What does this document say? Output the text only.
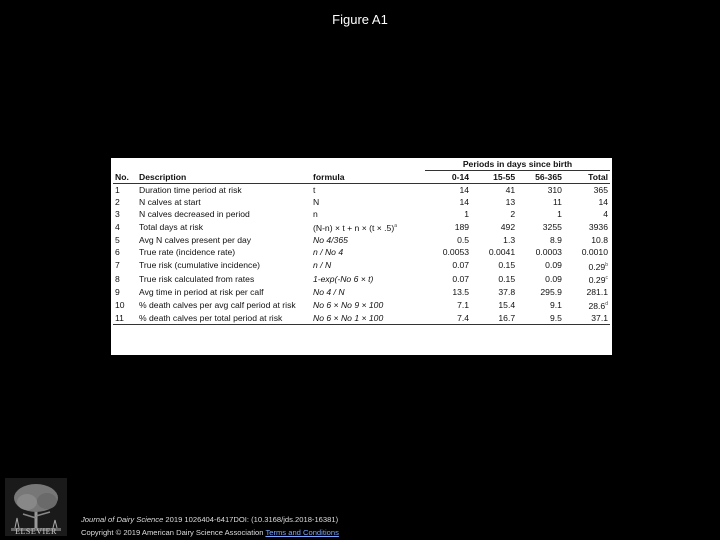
Figure A1
			Periods in days since birth			
No.	Description	formula	0-14	15-55	56-365	Total
1	Duration time period at risk	t	14	41	310	365
2	N calves at start	N	14	13	11	14
3	N calves decreased in period	n	1	2	1	4
4	Total days at risk	$(N-n) \times t + n \times (t \times .5)^a$	189	492	3255	3936
5	Avg N calves present per day	No 4/365	0.5	1.3	8.9	10.8
6	True rate (incidence rate)	n / No 4	0.0053	0.0041	0.0003	0.0010
7	True risk (cumulative incidence)	n / N	0.07	0.15	0.09	0.29$^b$
8	True risk calculated from rates	1-exp(-No 6 × t)	0.07	0.15	0.09	0.29$^c$
9	Avg time in period at risk per calf	No 4 / N	13.5	37.8	295.9	281.1
10	% death calves per avg calf period at risk	No 6 × No 9 × 100	7.1	15.4	9.1	28.6$^d$
11	% death calves per total period at risk	No 6 × No 1 × 100	7.4	16.7	9.5	37.1
ELSEVIER
Journal of Dairy Science 2019 1026404-6417DOI: (10.3168/jds.2018-16381)
Copyright © 2019 American Dairy Science Association Terms and Conditions
